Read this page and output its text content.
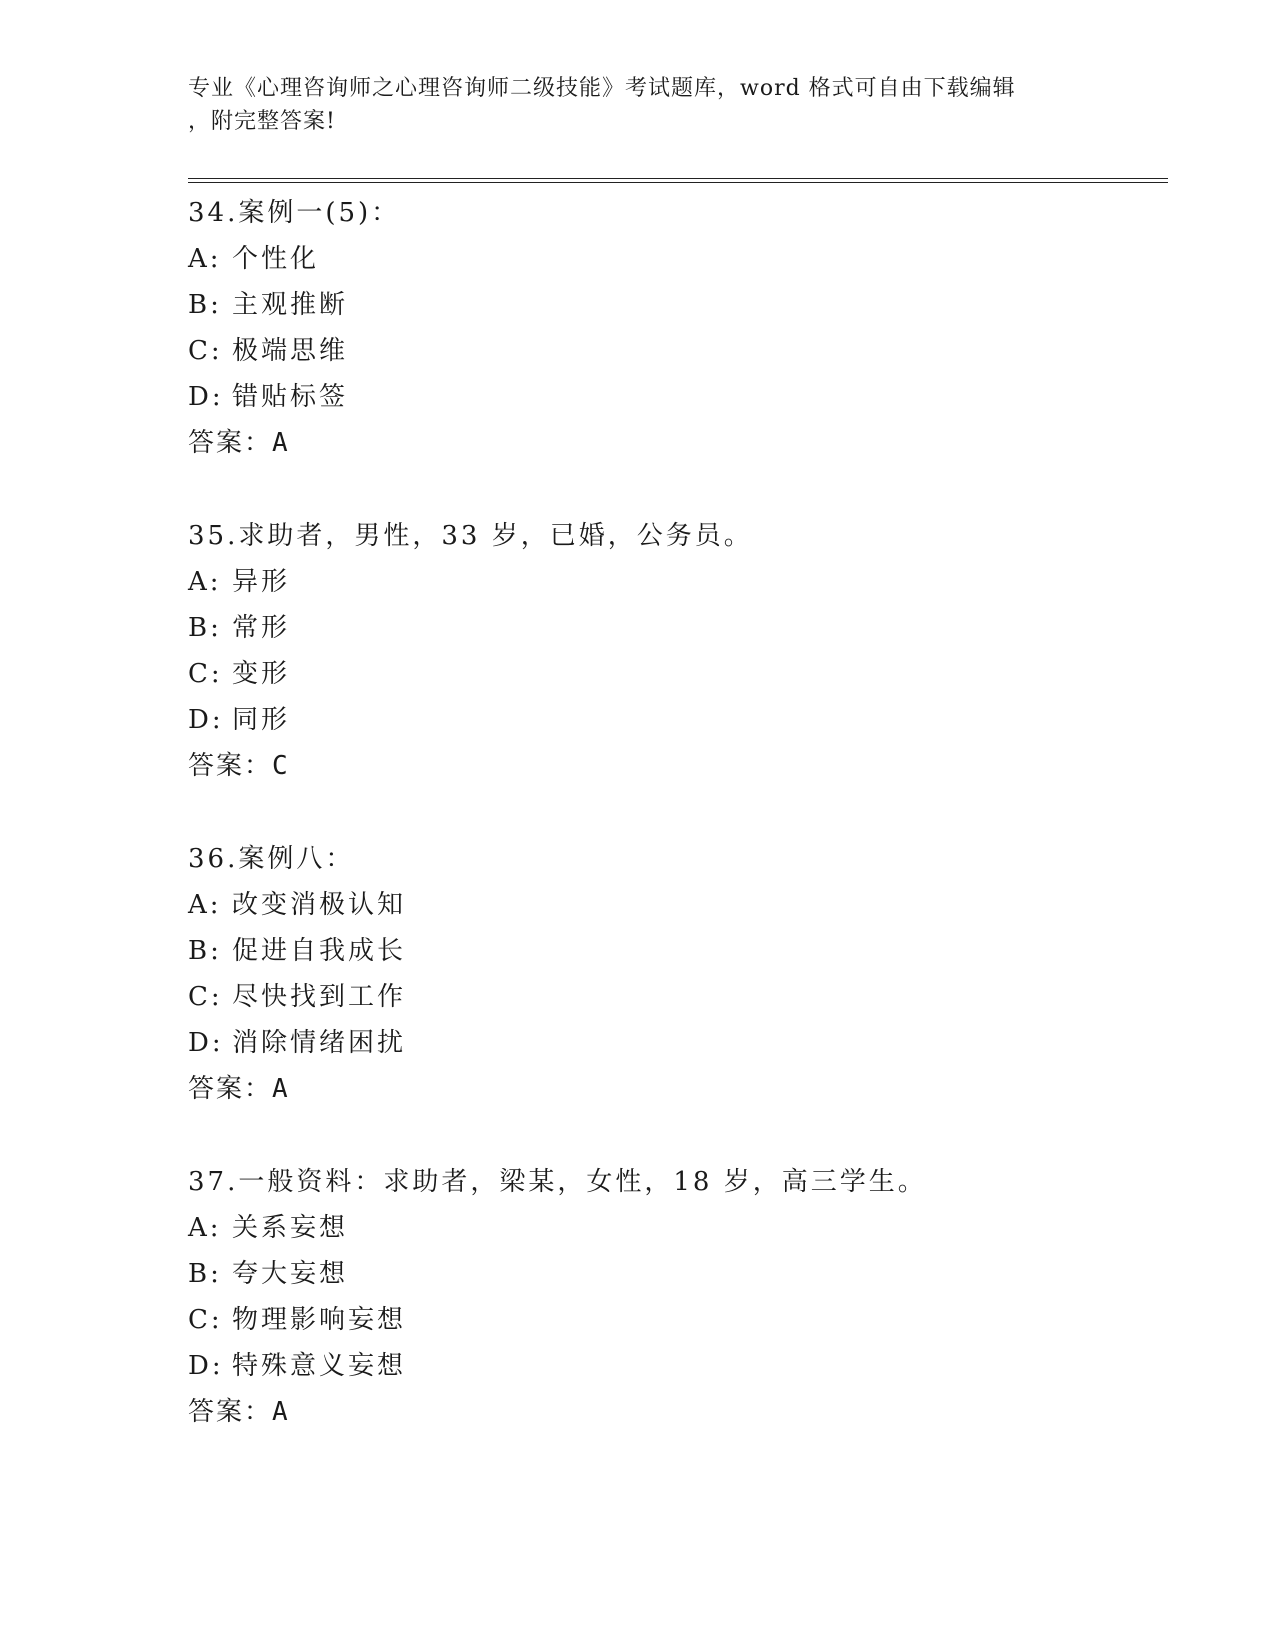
专业《心理咨询师之心理咨询师二级技能》考试题库，word 格式可自由下载编辑
，附完整答案!
34.案例一(5)：
A: 个性化
B: 主观推断
C: 极端思维
D: 错贴标签
答案：A
35.求助者，男性，33 岁，已婚，公务员。
A: 异形
B: 常形
C: 变形
D: 同形
答案：C
36.案例八：
A: 改变消极认知
B: 促进自我成长
C: 尽快找到工作
D: 消除情绪困扰
答案：A
37.一般资料：求助者，梁某，女性，18 岁，高三学生。
A: 关系妄想
B: 夸大妄想
C: 物理影响妄想
D: 特殊意义妄想
答案：A
